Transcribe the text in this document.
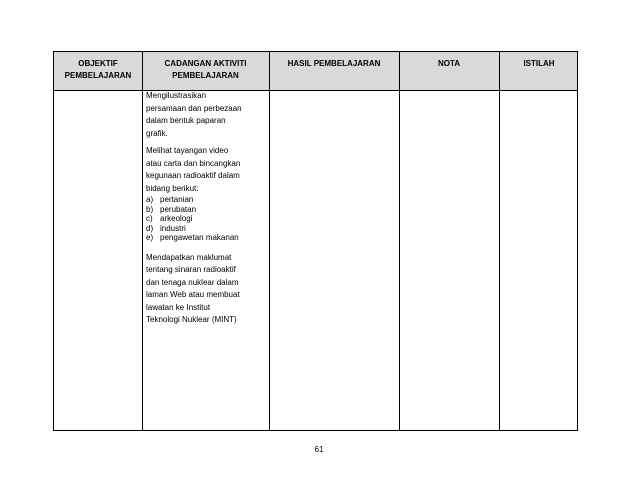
OBJEKTIF
PEMBELAJARAN
CADANGAN AKTIVITI
PEMBELAJARAN
HASIL PEMBELAJARAN	NOTA	ISTILAH
Mengilustrasikan
persamaan dan perbezaan
dalam bentuk paparan
grafik.
Melihat tayangan video
atau carta dan bincangkan
kegunaan radioaktif dalam
bidang berikut:
a) pertanian
b) perubatan
c) arkeologi
d) industri
e) pengawetan makanan
Mendapatkan maklumat
tentang sinaran radioaktif
dan tenaga nuklear dalam
laman Web atau membuat
lawatan ke Institut
Teknologi Nuklear (MINT)
61
